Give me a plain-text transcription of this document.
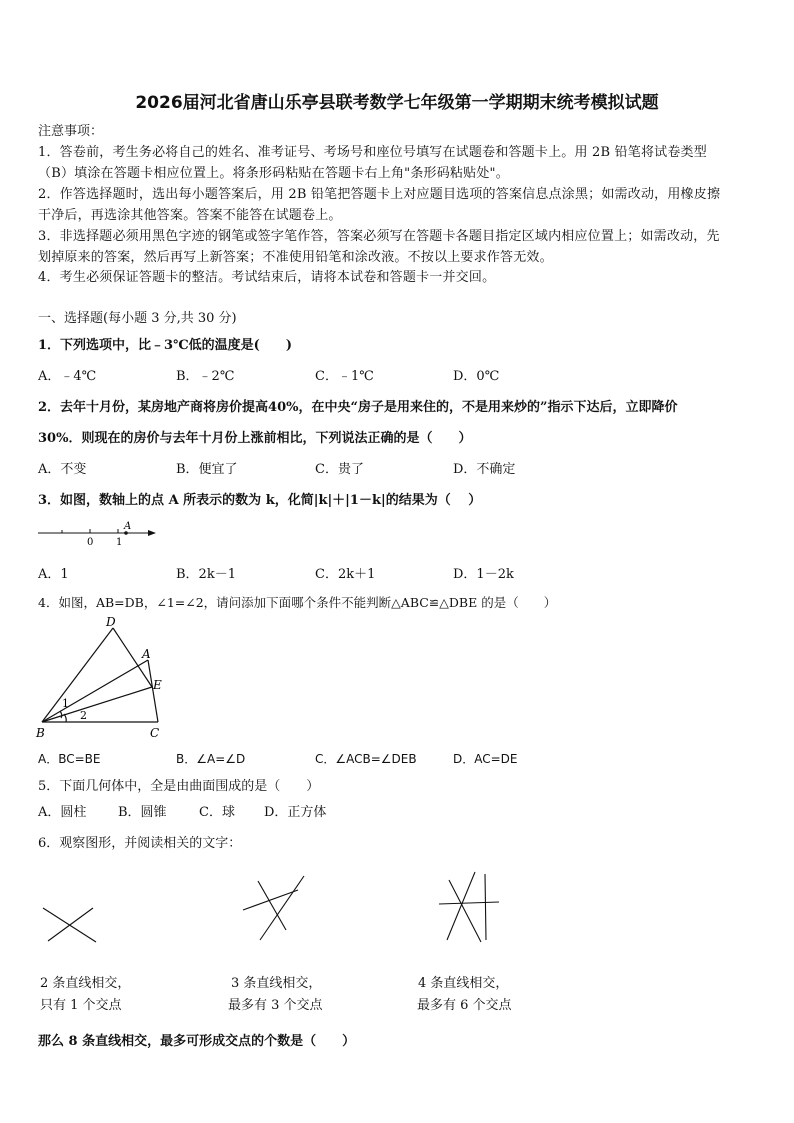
2026届河北省唐山乐亭县联考数学七年级第一学期期末统考模拟试题
注意事项：
1．答卷前，考生务必将自己的姓名、准考证号、考场号和座位号填写在试题卷和答题卡上。用 2B 铅笔将试卷类型
（B）填涂在答题卡相应位置上。将条形码粘贴在答题卡右上角"条形码粘贴处"。
2．作答选择题时，选出每小题答案后，用 2B 铅笔把答题卡上对应题目选项的答案信息点涂黑；如需改动，用橡皮擦
干净后，再选涂其他答案。答案不能答在试题卷上。
3．非选择题必须用黑色字迹的钢笔或签字笔作答，答案必须写在答题卡各题目指定区域内相应位置上；如需改动，先
划掉原来的答案，然后再写上新答案；不准使用铅笔和涂改液。不按以上要求作答无效。
4．考生必须保证答题卡的整洁。考试结束后，请将本试卷和答题卡一并交回。
一、选择题(每小题 3 分,共 30 分)
1．下列选项中，比﹣3℃低的温度是(　　)
A．﹣4℃	B．﹣2℃	C．﹣1℃	D．0℃
2．去年十月份，某房地产商将房价提高40%，在中央“房子是用来住的，不是用来炒的”指示下达后，立即降价
30%．则现在的房价与去年十月份上涨前相比，下列说法正确的是（　　）
A．不变	B．便宜了	C．贵了	D．不确定
3．如图，数轴上的点 A 所表示的数为 k，化简|k|＋|1－k|的结果为（　 ）
0 1
A
A．1	B．2k－1	C．2k＋1	D．1－2k
4．如图，AB=DB，∠1=∠2，请问添加下面哪个条件不能判断△ABC≌△DBE 的是（　　）
D
A
E
B	C
1
2
A．BC=BE	B．∠A=∠D	C．∠ACB=∠DEB	D．AC=DE
5．下面几何体中，全是由曲面围成的是（　　）
A．圆柱 B．圆锥 C．球 D．正方体
6．观察图形，并阅读相关的文字：
2 条直线相交，
只有 1 个交点
3 条直线相交，
最多有 3 个交点
4 条直线相交，
最多有 6 个交点
那么 8 条直线相交，最多可形成交点的个数是（　　）
